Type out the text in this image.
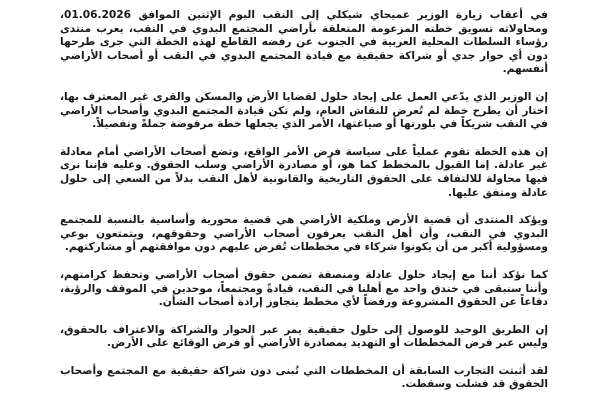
في أعقاب زيارة الوزير عميحاي شيكلي إلى النقب اليوم الإثنين الموافق 01.06.2026، ومحاولاته تسويق خطته المزعومة المتعلقة بأراضي المجتمع البدوي في النقب، يعرب منتدى رؤساء السلطات المحلية العربية في الجنوب عن رفضه القاطع لهذه الخطة التي جرى طرحها دون أي حوار جدي أو شراكة حقيقية مع قيادة المجتمع البدوي في النقب أو أصحاب الأراضي أنفسهم.

إن الوزير الذي يدّعي العمل على إيجاد حلول لقضايا الأرض والمسكن والقرى غير المعترف بها، اختار أن يطرح خطة لم تُعرض للنقاش العام، ولم تكن قيادة المجتمع البدوي وأصحاب الأراضي في النقب شريكاً في بلورتها أو صياغتها، الأمر الذي يجعلها خطة مرفوضة جملةً وتفصيلاً.

إن هذه الخطة تقوم عملياً على سياسة فرض الأمر الواقع، وتضع أصحاب الأراضي أمام معادلة غير عادلة. إما القبول بالمخطط كما هو، أو مصادرة الأراضي وسلب الحقوق. وعليه فإننا نرى فيها محاولة للالتفاف على الحقوق التاريخية والقانونية لأهل النقب بدلاً من السعي إلى حلول عادلة ومتفق عليها.

ويؤكد المنتدى أن قضية الأرض وملكية الأراضي هي قضية محورية وأساسية بالنسبة للمجتمع البدوي في النقب، وأن أهل النقب يعرفون أصحاب الأراضي وحقوقهم، ويتمتعون بوعي ومسؤولية أكبر من أن يكونوا شركاء في مخططات تُفرض عليهم دون موافقتهم أو مشاركتهم.

كما نؤكد أننا مع إيجاد حلول عادلة ومنصفة تضمن حقوق أصحاب الأراضي وتحفظ كرامتهم، وأننا سنبقى في خندق واحد مع أهلنا في النقب، قيادةً ومجتمعاً، موحدين في الموقف والرؤية، دفاعاً عن الحقوق المشروعة ورفضاً لأي مخطط يتجاوز إرادة أصحاب الشأن.

إن الطريق الوحيد للوصول إلى حلول حقيقية يمر عبر الحوار والشراكة والاعتراف بالحقوق، وليس عبر فرض المخططات أو التهديد بمصادرة الأراضي أو فرض الوقائع على الأرض.

لقد أثبتت التجارب السابقة أن المخططات التي تُبنى دون شراكة حقيقية مع المجتمع وأصحاب الحقوق قد فشلت وسقطت.
